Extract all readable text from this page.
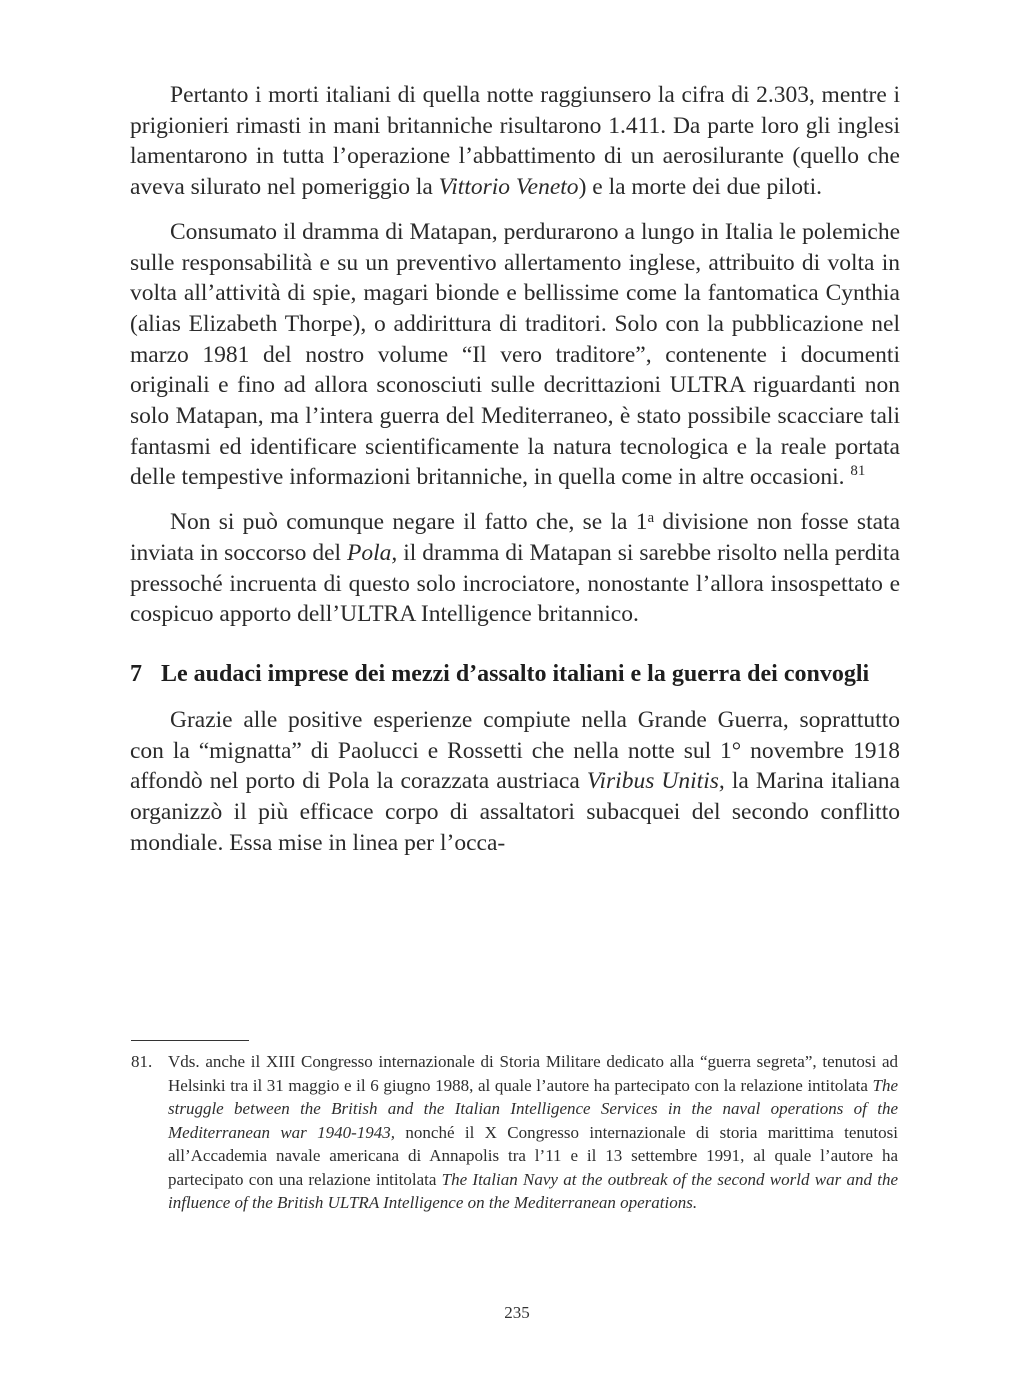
Pertanto i morti italiani di quella notte raggiunsero la cifra di 2.303, mentre i prigionieri rimasti in mani britanniche risultarono 1.411. Da parte loro gli inglesi lamentarono in tutta l’operazione l’abbattimento di un aerosilurante (quello che aveva silurato nel pomeriggio la Vittorio Veneto) e la morte dei due piloti.

Consumato il dramma di Matapan, perdurarono a lungo in Italia le polemiche sulle responsabilità e su un preventivo allertamento inglese, attribuito di volta in volta all’attività di spie, magari bionde e bellissime come la fantomatica Cynthia (alias Elizabeth Thorpe), o addirittura di traditori. Solo con la pubblicazione nel marzo 1981 del nostro volume “Il vero traditore”, contenente i documenti originali e fino ad allora sconosciuti sulle decrittazioni ULTRA riguardanti non solo Matapan, ma l’intera guerra del Mediterraneo, è stato possibile scacciare tali fantasmi ed identificare scientificamente la natura tecnologica e la reale portata delle tempestive informazioni britanniche, in quella come in altre occasioni. $^{81}$

Non si può comunque negare il fatto che, se la 1$^a$ divisione non fosse stata inviata in soccorso del Pola, il dramma di Matapan si sarebbe risolto nella perdita pressoché incruenta di questo solo incrociatore, nonostante l’allora insospettato e cospicuo apporto dell’ULTRA Intelligence britannico.

7 Le audaci imprese dei mezzi d’assalto italiani e la guerra dei convogli

Grazie alle positive esperienze compiute nella Grande Guerra, soprattutto con la “mignatta” di Paolucci e Rossetti che nella notte sul 1° novembre 1918 affondò nel porto di Pola la corazzata austriaca Viribus Unitis, la Marina italiana organizzò il più efficace corpo di assaltatori subacquei del secondo conflitto mondiale. Essa mise in linea per l’occa-

81. Vds. anche il XIII Congresso internazionale di Storia Militare dedicato alla “guerra segreta”, tenutosi ad Helsinki tra il 31 maggio e il 6 giugno 1988, al quale l’autore ha partecipato con la relazione intitolata The struggle between the British and the Italian Intelligence Services in the naval operations of the Mediterranean war 1940-1943, nonché il X Congresso internazionale di storia marittima tenutosi all’Accademia navale americana di Annapolis tra l’11 e il 13 settembre 1991, al quale l’autore ha partecipato con una relazione intitolata The Italian Navy at the outbreak of the second world war and the influence of the British ULTRA Intelligence on the Mediterranean operations.
235
